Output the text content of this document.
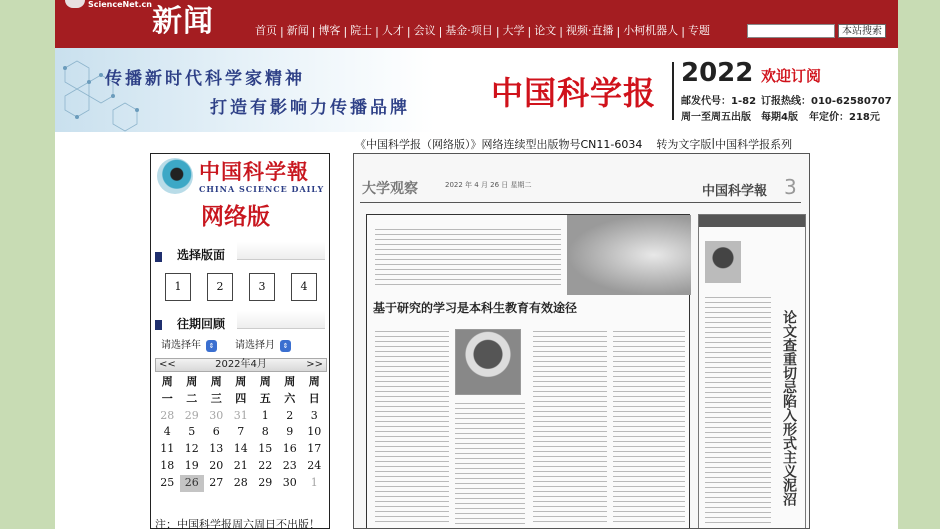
ScienceNet.cn 新闻	首页 | 新闻 | 博客 | 院士 | 人才 | 会议 | 基金·项目 | 大学 | 论文 | 视频·直播 | 小柯机器人 | 专题	本站搜索
传播新时代科学家精神
打造有影响力传播品牌	中国科学报
2022 欢迎订阅
邮发代号：1-82 订报热线：010-62580707
周一至周五出版 每期4版 年定价：218元
《中国科学报（网络版）》网络连续型出版物号CN11-6034 转为文字版 | 中国科学报系列
中国科学報
CHINA SCIENCE DAILY
网络版
选择版面
1	2	3	4
往期回顾
请选择年	⇕ 请选择月	⇕
<<	2022年4月	>>
周	周	周	周	周	周	周
一	二	三	四	五	六	日
28 29 30 31	1	2	3
4	5	6	7	8	9	10
11 12 13 14 15 16 17
18 19 20 21 22 23 24
25 26 27 28 29 30	1
注：中国科学报周六周日不出版！
大学观察	2022 年 4 月 26 日 星期二	中国科学報 3
基于研究的学习是本科生教育有效途径
论文查重切忌陷入形式主义泥沼
